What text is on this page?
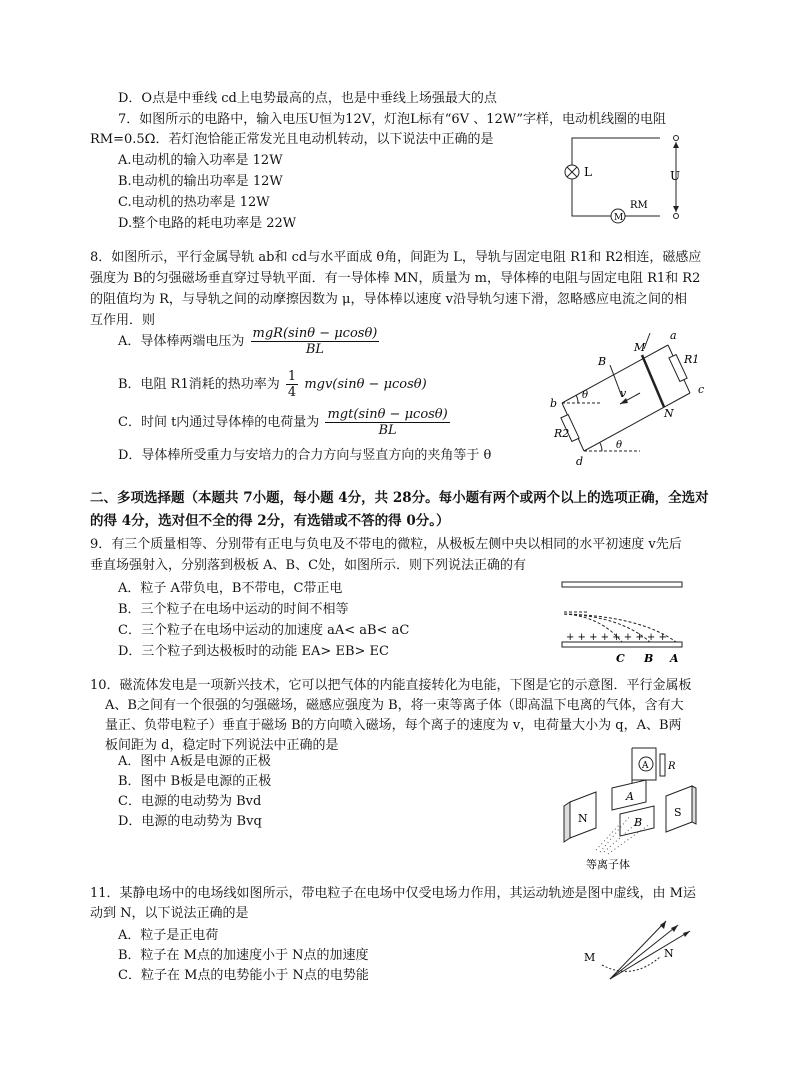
D．O点是中垂线 cd上电势最高的点，也是中垂线上场强最大的点
7．如图所示的电路中，输入电压U恒为12V，灯泡L标有“6V 、12W”字样，电动机线圈的电阻
RM=0.5Ω．若灯泡恰能正常发光且电动机转动，以下说法中正确的是
A.电动机的输入功率是 12W
B.电动机的输出功率是 12W
C.电动机的热功率是 12W
D.整个电路的耗电功率是 22W
L	U
M
RM
8．如图所示，平行金属导轨 ab和 cd与水平面成 θ角，间距为 L，导轨与固定电阻 R1和 R2相连，磁感应
强度为 B的匀强磁场垂直穿过导轨平面．有一导体棒 MN，质量为 m，导体棒的电阻与固定电阻 R1和 R2
的阻值均为 R，与导轨之间的动摩擦因数为 μ，导体棒以速度 v沿导轨匀速下滑，忽略感应电流之间的相
互作用．则
A．导体棒两端电压为
mgR(sinθ − μcosθ)
BL
B．电阻 R1消耗的热功率为 $\frac{1}{4} mgv(\sin\theta - \mu\cos\theta)$
C．时间 t内通过导体棒的电荷量为
mgt(sinθ − μcosθ)
BL
D．导体棒所受重力与安培力的合力方向与竖直方向的夹角等于 θ
a
b
c
d
M
N
B
v
θ
θ
R1
R2
二、多项选择题（本题共 7小题，每小题 4分，共 28分。每小题有两个或两个以上的选项正确，全选对
的得 4分，选对但不全的得 2分，有选错或不答的得 0分。）
9．有三个质量相等、分别带有正电与负电及不带电的微粒，从极板左侧中央以相同的水平初速度 v先后
垂直场强射入，分别落到极板 A、B、C处，如图所示．则下列说法正确的有
A．粒子 A带负电，B不带电，C带正电
B．三个粒子在电场中运动的时间不相等
C．三个粒子在电场中运动的加速度 aA< aB< aC
D．三个粒子到达极板时的动能 EA> EB> EC
+ + + + + + + + +
C B A
10．磁流体发电是一项新兴技术，它可以把气体的内能直接转化为电能，下图是它的示意图．平行金属板
A、B之间有一个很强的匀强磁场，磁感应强度为 B，将一束等离子体（即高温下电离的气体，含有大
量正、负带电粒子）垂直于磁场 B的方向喷入磁场，每个离子的速度为 v，电荷量大小为 q，A、B两
板间距为 d，稳定时下列说法中正确的是
A．图中 A板是电源的正极
B．图中 B板是电源的正极
C．电源的电动势为 Bvd
D．电源的电动势为 Bvq
A R
N	S
A
B
等离子体
11．某静电场中的电场线如图所示，带电粒子在电场中仅受电场力作用，其运动轨迹是图中虚线，由 M运
动到 N，以下说法正确的是
A．粒子是正电荷
B．粒子在 M点的加速度小于 N点的加速度
C．粒子在 M点的电势能小于 N点的电势能
M	N
